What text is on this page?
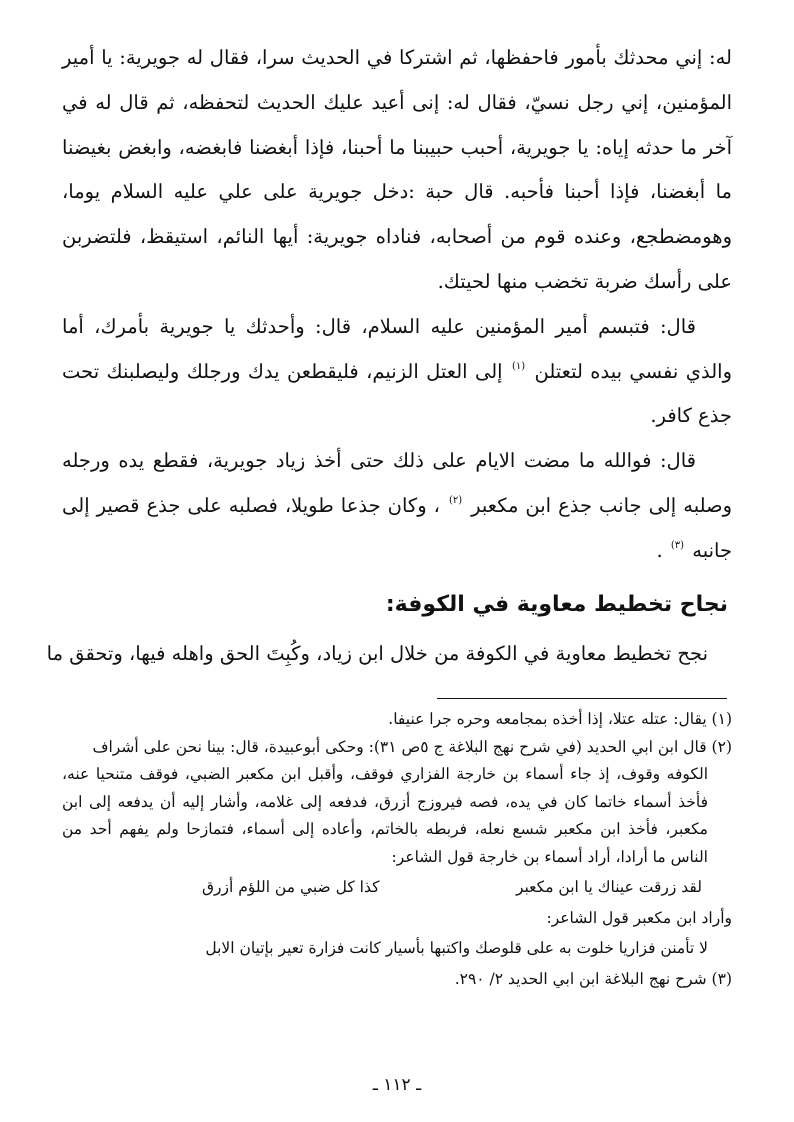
له: إني محدثك بأمور فاحفظها، ثم اشتركا في الحديث سرا، فقال له جويرية: يا أمير المؤمنين، إني رجل نسيّ، فقال له: إنى أعيد عليك الحديث لتحفظه، ثم قال له في آخر ما حدثه إياه: يا جويرية، أحبب حبيبنا ما أحبنا، فإذا أبغضنا فابغضه، وابغض بغيضنا ما أبغضنا، فإذا أحبنا فأحبه. قال حبة :دخل جويرية على علي عليه السلام يوما، وهومضطجع، وعنده قوم من أصحابه، فناداه جويرية: أيها النائم، استيقظ، فلتضربن على رأسك ضربة تخضب منها لحيتك.

قال: فتبسم أمير المؤمنين عليه السلام، قال: وأحدثك يا جويرية بأمرك، أما والذي نفسي بيده لتعتلن $^{(١)}$ إلى العتل الزنيم، فليقطعن يدك ورجلك وليصلبنك تحت جذع كافر.

قال: فوالله ما مضت الايام على ذلك حتى أخذ زياد جويرية، فقطع يده ورجله وصلبه إلى جانب جذع ابن مكعبر $^{(٢)}$ ، وكان جذعا طويلا، فصلبه على جذع قصير إلى جانبه $^{(٣)}$ .

نجاح تخطيط معاوية في الكوفة:
نجح تخطيط معاوية في الكوفة من خلال ابن زياد، وكُبِتَ الحق واهله فيها، وتحقق ما

(١) يقال: عتله عتلا، إذا أخذه بمجامعه وحره جرا عنيفا.

(٢) قال ابن ابي الحديد (في شرح نهج البلاغة ج ٥ص ٣١): وحكى أبوعبيدة، قال: بينا نحن على أشراف

الكوفه وقوف، إذ جاء أسماء بن خارجة الفزاري فوقف، وأقبل ابن مكعبر الضبي، فوقف متنحيا عنه، فأخذ أسماء خاتما كان في يده، فصه فيروزج أزرق، فدفعه إلى غلامه، وأشار إليه أن يدفعه إلى ابن مكعبر، فأخذ ابن مكعبر شسع نعله، فربطه بالخاتم، وأعاده إلى أسماء، فتمازحا ولم يفهم أحد من الناس ما أرادا، أراد أسماء بن خارجة قول الشاعر:

لقد زرقت عيناك يا ابن مكعبر
كذا كل ضبي من اللؤم أزرق

وأراد ابن مكعبر قول الشاعر:

لا تأمنن فزاريا خلوت به على قلوصك واكتبها بأسيار كانت فزارة تعير بإتيان الابل

(٣) شرح نهج البلاغة ابن ابي الحديد ٢/ ٢٩٠.

ـ ١١٢ ـ
